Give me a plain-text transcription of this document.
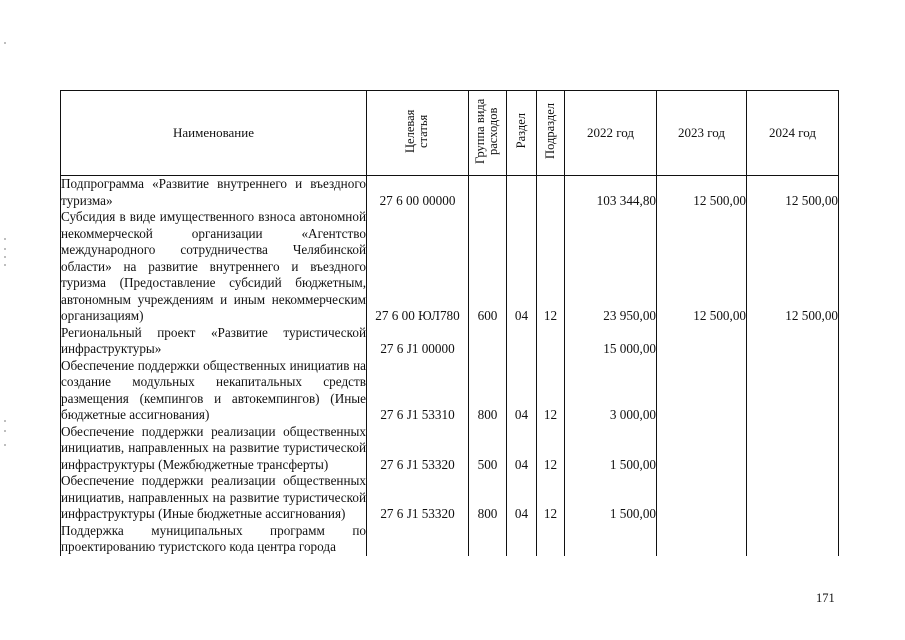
Наименование	Целевая статья	Группа вида расходов	Раздел	Подраздел	2022 год	2023 год	2024 год
Подпрограмма «Развитие внутреннего и въездного туризма»	27 6 00 00000				103 344,80	12 500,00	12 500,00
Субсидия в виде имущественного взноса автономной некоммерческой организации «Агентство международного сотрудничества Челябинской области» на развитие внутреннего и въездного туризма (Предоставление субсидий бюджетным, автономным учреждениям и иным некоммерческим организациям)	27 6 00 ЮЛ780	600	04	12	23 950,00	12 500,00	12 500,00
Региональный проект «Развитие туристической инфраструктуры»	27 6 J1 00000				15 000,00		
Обеспечение поддержки общественных инициатив на создание модульных некапитальных средств размещения (кемпингов и автокемпингов) (Иные бюджетные ассигнования)	27 6 J1 53310	800	04	12	3 000,00		
Обеспечение поддержки реализации общественных инициатив, направленных на развитие туристической инфраструктуры (Межбюджетные трансферты)	27 6 J1 53320	500	04	12	1 500,00		
Обеспечение поддержки реализации общественных инициатив, направленных на развитие туристической инфраструктуры (Иные бюджетные ассигнования)	27 6 J1 53320	800	04	12	1 500,00		
Поддержка муниципальных программ по проектированию туристского кода центра города							
171
